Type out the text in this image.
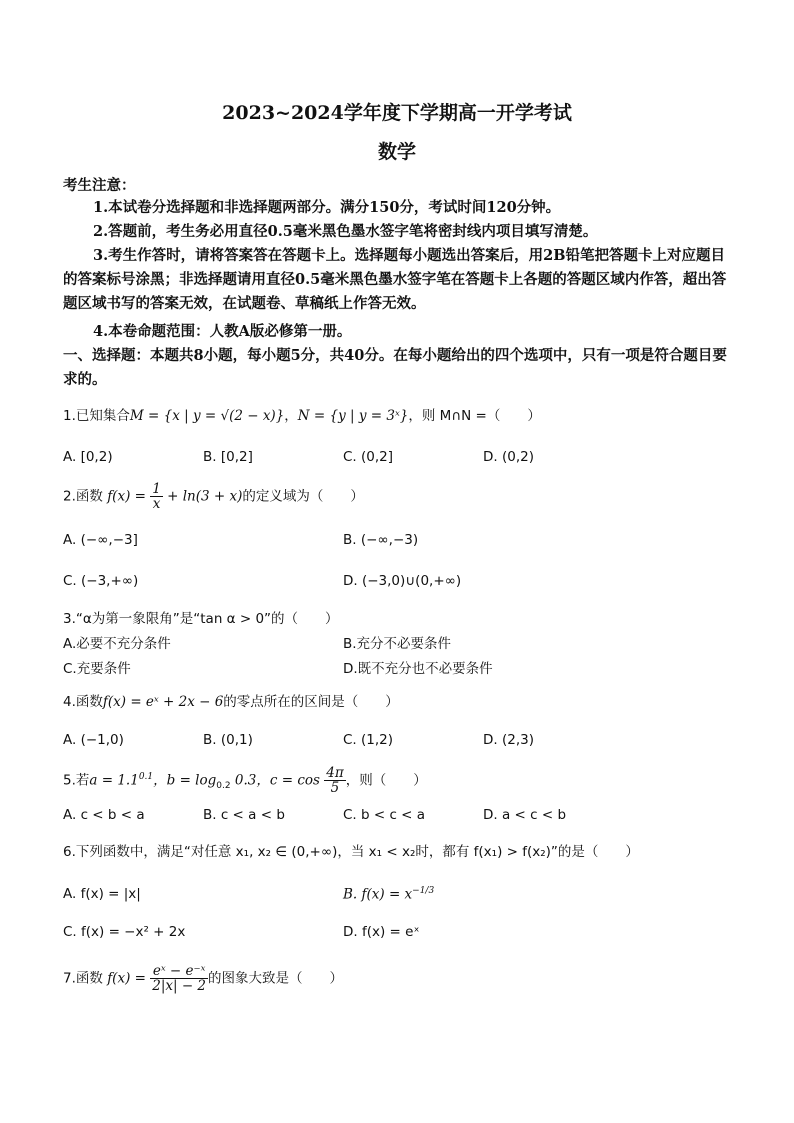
2023~2024学年度下学期高一开学考试
数学
考生注意：
1.本试卷分选择题和非选择题两部分。满分150分，考试时间120分钟。
2.答题前，考生务必用直径0.5毫米黑色墨水签字笔将密封线内项目填写清楚。
3.考生作答时，请将答案答在答题卡上。选择题每小题选出答案后，用2B铅笔把答题卡上对应题目的答案标号涂黑；非选择题请用直径0.5毫米黑色墨水签字笔在答题卡上各题的答题区域内作答，超出答题区域书写的答案无效，在试题卷、草稿纸上作答无效。
4.本卷命题范围：人教A版必修第一册。
一、选择题：本题共8小题，每小题5分，共40分。在每小题给出的四个选项中，只有一项是符合题目要求的。
1.已知集合M = {x | y = √(2 − x)}，N = {y | y = 3ˣ}，则 M∩N =（　　）
A. [0,2)	B. [0,2]	C. (0,2]	D. (0,2)
2.函数 $f(x) = \frac{1}{x} + \ln(3 + x)$的定义域为（　　）
A. (−∞,−3]	B. (−∞,−3)
C. (−3,+∞)	D. (−3,0)∪(0,+∞)
3.“α为第一象限角”是“tan α > 0”的（　　）
A.必要不充分条件	B.充分不必要条件
C.充要条件	D.既不充分也不必要条件
4.函数f(x) = eˣ + 2x − 6的零点所在的区间是（　　）
A. (−1,0)	B. (0,1)	C. (1,2)	D. (2,3)
5.若$a = 1.1^{0.1}$，$b = \log_{0.2} 0.3$，$c = \cos \frac{4\pi}{5}$ ，则（　　）
A. c < b < a	B. c < a < b	C. b < c < a	D. a < c < b
6.下列函数中，满足“对任意 x₁, x₂ ∈ (0,+∞)，当 x₁ < x₂时，都有 f(x₁) > f(x₂)”的是（　　）
A. f(x) = |x|	B. $f(x) = x^{-1/3}$
C. f(x) = −x² + 2x	D. f(x) = eˣ
7.函数 $f(x) = \frac{\text{eˣ − e⁻ˣ}}{2|x| - 2}$ 的图象大致是（　　）
